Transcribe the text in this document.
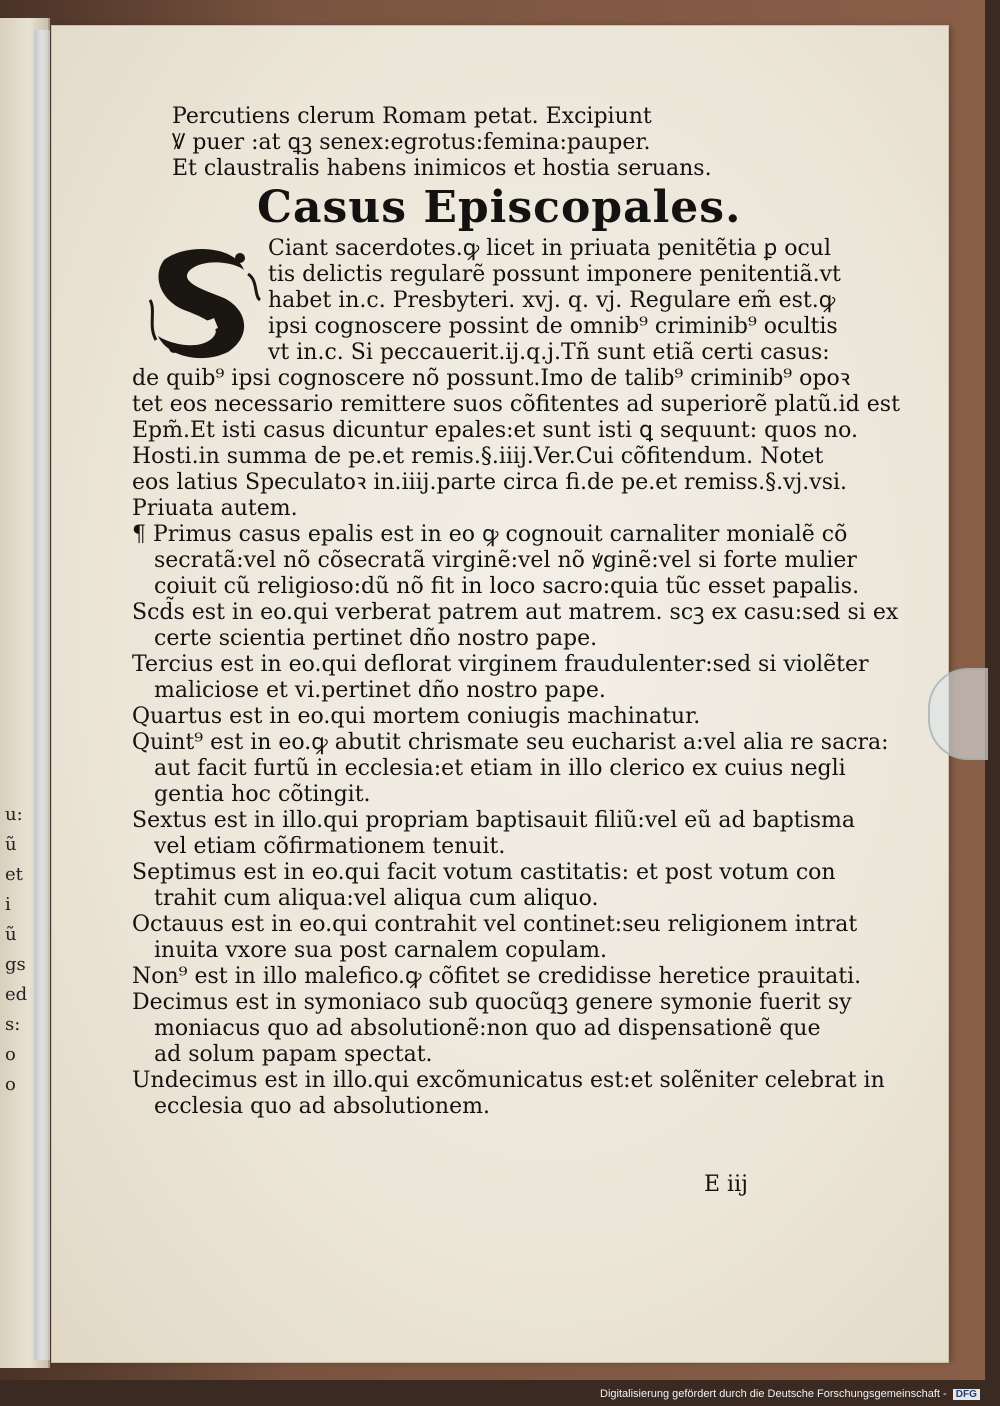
u:
ũ
et
i
ũ
gs
ed
s:
o
o
Percutiens clerum Romam petat. Excipiunt
Ꝟ puer :at ꝗꝫ senex:egrotus:femina:pauper.
Et claustralis habens inimicos et hostia seruans.
Casus Episcopales.
Ciant sacerdotes.ꝙ licet in priuata penitẽtia ꝑ ocul
tis delictis regularẽ possunt imponere penitentiã.vt
habet in.c. Presbyteri. xvj. q. vj. Regulare em̃ est.ꝙ
ipsi cognoscere possint de omnib⁹ criminib⁹ ocultis
vt in.c. Si peccauerit.ij.q.j.Tñ sunt etiã certi casus:
de quib⁹ ipsi cognoscere nõ possunt.Imo de talib⁹ criminib⁹ opoꝛ
tet eos necessario remittere suos cõfitentes ad superiorẽ platũ.id est
Epm̃.Et isti casus dicuntur epales:et sunt isti ꝗ sequunt: quos no.
Hosti.in summa de pe.et remis.§.iiij.Ver.Cui cõfitendum. Notet
eos latius Speculatoꝛ in.iiij.parte circa fi.de pe.et remiss.§.vj.vsi.
Priuata autem.
¶ Primus casus epalis est in eo ꝙ cognouit carnaliter monialẽ cõ
secratã:vel nõ cõsecratã virginẽ:vel nõ ꝟginẽ:vel si forte mulier
coiuit cũ religioso:dũ nõ fit in loco sacro:quia tũc esset papalis.
Scd̃s est in eo.qui verberat patrem aut matrem. scꝫ ex casu:sed si ex
certe scientia pertinet dño nostro pape.
Tercius est in eo.qui deflorat virginem fraudulenter:sed si violẽter
maliciose et vi.pertinet dño nostro pape.
Quartus est in eo.qui mortem coniugis machinatur.
Quint⁹ est in eo.ꝙ abutit chrismate seu eucharist a:vel alia re sacra:
aut facit furtũ in ecclesia:et etiam in illo clerico ex cuius negli
gentia hoc cõtingit.
Sextus est in illo.qui propriam baptisauit filiũ:vel eũ ad baptisma
vel etiam cõfirmationem tenuit.
Septimus est in eo.qui facit votum castitatis: et post votum con
trahit cum aliqua:vel aliqua cum aliquo.
Octauus est in eo.qui contrahit vel continet:seu religionem intrat
inuita vxore sua post carnalem copulam.
Non⁹ est in illo malefico.ꝙ cõfitet se credidisse heretice prauitati.
Decimus est in symoniaco sub quocũqꝫ genere symonie fuerit sy
moniacus quo ad absolutionẽ:non quo ad dispensationẽ que
ad solum papam spectat.
Undecimus est in illo.qui excõmunicatus est:et solẽniter celebrat in
ecclesia quo ad absolutionem.
E iij
Digitalisierung gefördert durch die Deutsche Forschungsgemeinschaft - DFG
